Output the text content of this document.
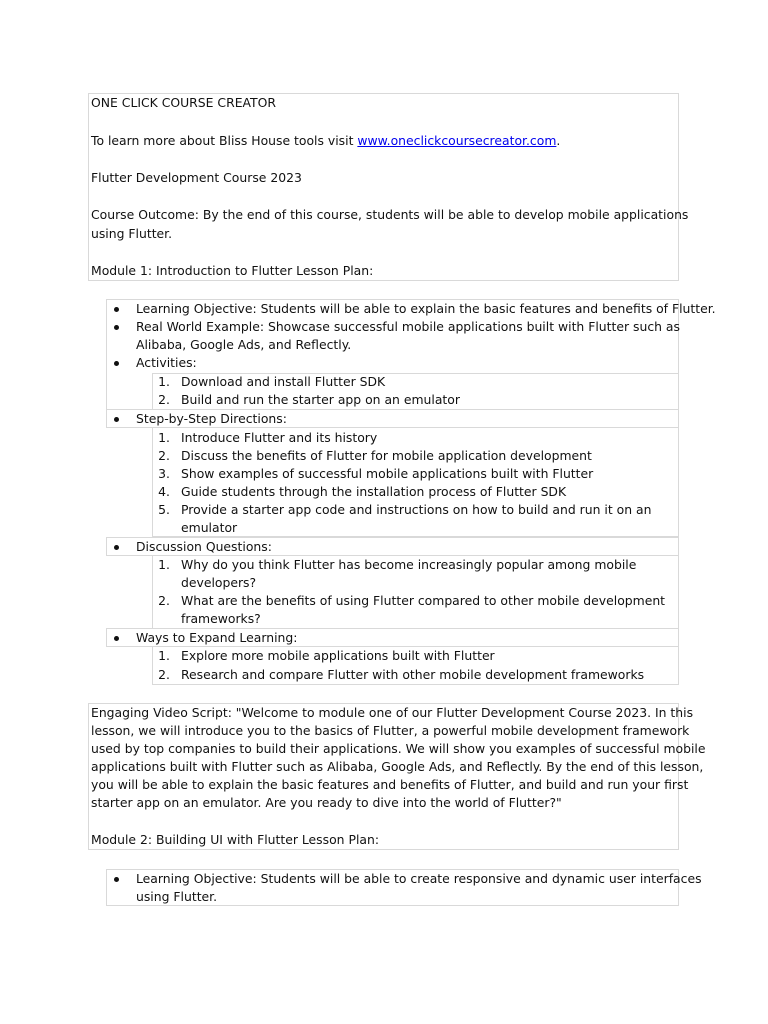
ONE CLICK COURSE CREATOR
To learn more about Bliss House tools visit www.oneclickcoursecreator.com.
Flutter Development Course 2023
Course Outcome: By the end of this course, students will be able to develop mobile applications
using Flutter.
Module 1: Introduction to Flutter Lesson Plan:
Learning Objective: Students will be able to explain the basic features and benefits of Flutter.
Real World Example: Showcase successful mobile applications built with Flutter such as
Alibaba, Google Ads, and Reflectly.
Activities:
1. Download and install Flutter SDK
2. Build and run the starter app on an emulator
Step-by-Step Directions:
1. Introduce Flutter and its history
2. Discuss the benefits of Flutter for mobile application development
3. Show examples of successful mobile applications built with Flutter
4. Guide students through the installation process of Flutter SDK
5. Provide a starter app code and instructions on how to build and run it on an
emulator
Discussion Questions:
1. Why do you think Flutter has become increasingly popular among mobile
developers?
2. What are the benefits of using Flutter compared to other mobile development
frameworks?
Ways to Expand Learning:
1. Explore more mobile applications built with Flutter
2. Research and compare Flutter with other mobile development frameworks
Engaging Video Script: "Welcome to module one of our Flutter Development Course 2023. In this
lesson, we will introduce you to the basics of Flutter, a powerful mobile development framework
used by top companies to build their applications. We will show you examples of successful mobile
applications built with Flutter such as Alibaba, Google Ads, and Reflectly. By the end of this lesson,
you will be able to explain the basic features and benefits of Flutter, and build and run your first
starter app on an emulator. Are you ready to dive into the world of Flutter?"
Module 2: Building UI with Flutter Lesson Plan:
Learning Objective: Students will be able to create responsive and dynamic user interfaces
using Flutter.
